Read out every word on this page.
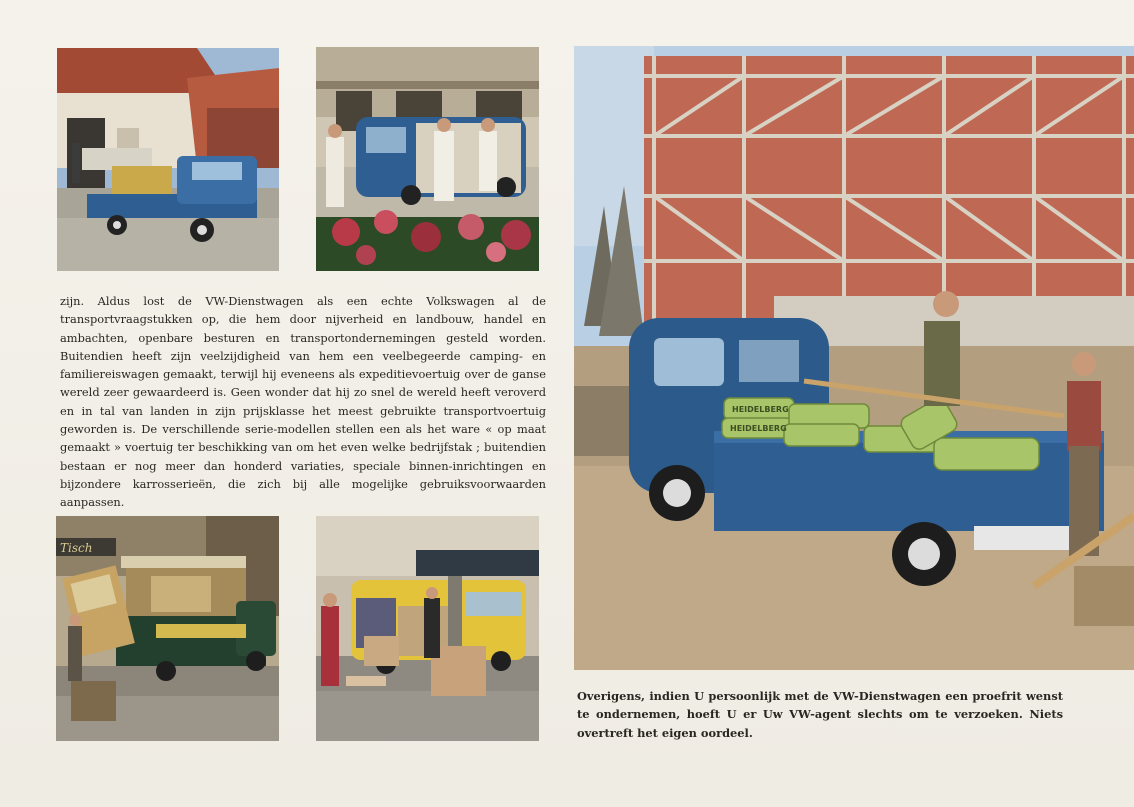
Tisch
HEIDELBERG
HEIDELBERG

zijn. Aldus lost de VW-Dienstwagen als een echte Volkswagen al de transportvraagstukken op, die hem door nijverheid en landbouw, handel en ambachten, openbare besturen en transportondernemingen gesteld worden. Buitendien heeft zijn veelzijdigheid van hem een veelbegeerde camping- en familiereiswagen gemaakt, terwijl hij eveneens als expeditievoertuig over de ganse wereld zeer gewaardeerd is. Geen wonder dat hij zo snel de wereld heeft veroverd en in tal van landen in zijn prijsklasse het meest gebruikte transportvoertuig geworden is. De verschillende serie-modellen stellen een als het ware « op maat gemaakt » voertuig ter beschikking van om het even welke bedrijfstak ; buitendien bestaan er nog meer dan honderd variaties, speciale binnen-inrichtingen en bijzondere karrosserieën, die zich bij alle mogelijke gebruiksvoorwaarden aanpassen.

Overigens, indien U persoonlijk met de VW-Dienstwagen een proefrit wenst te ondernemen, hoeft U er Uw VW-agent slechts om te verzoeken. Niets overtreft het eigen oordeel.
